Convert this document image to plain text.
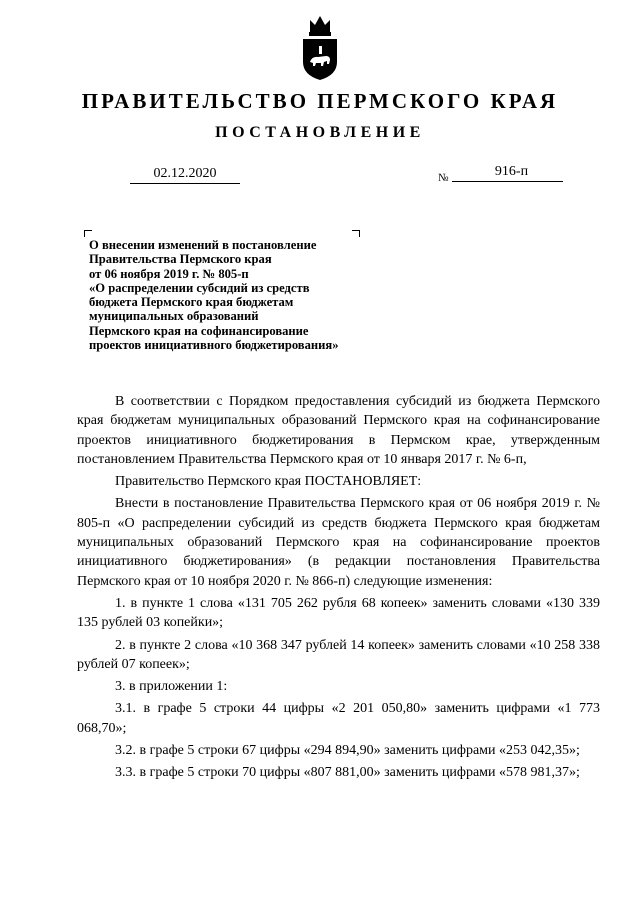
ПРАВИТЕЛЬСТВО ПЕРМСКОГО КРАЯ
ПОСТАНОВЛЕНИЕ
02.12.2020	№	916-п
О внесении изменений в постановление
Правительства Пермского края
от 06 ноября 2019 г. № 805-п
«О распределении субсидий из средств
бюджета Пермского края бюджетам
муниципальных образований
Пермского края на софинансирование
проектов инициативного бюджетирования»

В соответствии с Порядком предоставления субсидий из бюджета Пермского края бюджетам муниципальных образований Пермского края на софинансирование проектов инициативного бюджетирования в Пермском крае, утвержденным постановлением Правительства Пермского края от 10 января 2017 г. № 6-п,

Правительство Пермского края ПОСТАНОВЛЯЕТ:

Внести в постановление Правительства Пермского края от 06 ноября 2019 г. № 805-п «О распределении субсидий из средств бюджета Пермского края бюджетам муниципальных образований Пермского края на софинансирование проектов инициативного бюджетирования» (в редакции постановления Правительства Пермского края от 10 ноября 2020 г. № 866-п) следующие изменения:

1. в пункте 1 слова «131 705 262 рубля 68 копеек» заменить словами «130 339 135 рублей 03 копейки»;

2. в пункте 2 слова «10 368 347 рублей 14 копеек» заменить словами «10 258 338 рублей 07 копеек»;

3. в приложении 1:

3.1. в графе 5 строки 44 цифры «2 201 050,80» заменить цифрами «1 773 068,70»;

3.2. в графе 5 строки 67 цифры «294 894,90» заменить цифрами «253 042,35»;

3.3. в графе 5 строки 70 цифры «807 881,00» заменить цифрами «578 981,37»;
